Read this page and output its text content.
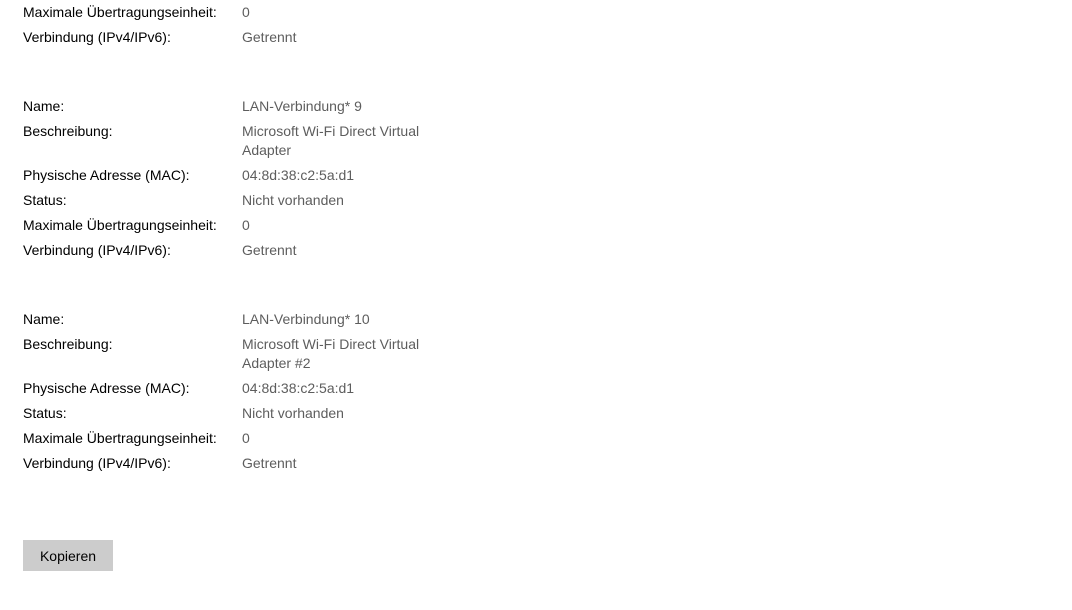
Maximale Übertragungseinheit:	0
Verbindung (IPv4/IPv6):	Getrennt
Name:	LAN-Verbindung* 9
Beschreibung:	Microsoft Wi-Fi Direct Virtual Adapter
Physische Adresse (MAC):	04:8d:38:c2:5a:d1
Status:	Nicht vorhanden
Maximale Übertragungseinheit:	0
Verbindung (IPv4/IPv6):	Getrennt
Name:	LAN-Verbindung* 10
Beschreibung:	Microsoft Wi-Fi Direct Virtual Adapter #2
Physische Adresse (MAC):	04:8d:38:c2:5a:d1
Status:	Nicht vorhanden
Maximale Übertragungseinheit:	0
Verbindung (IPv4/IPv6):	Getrennt
Kopieren
